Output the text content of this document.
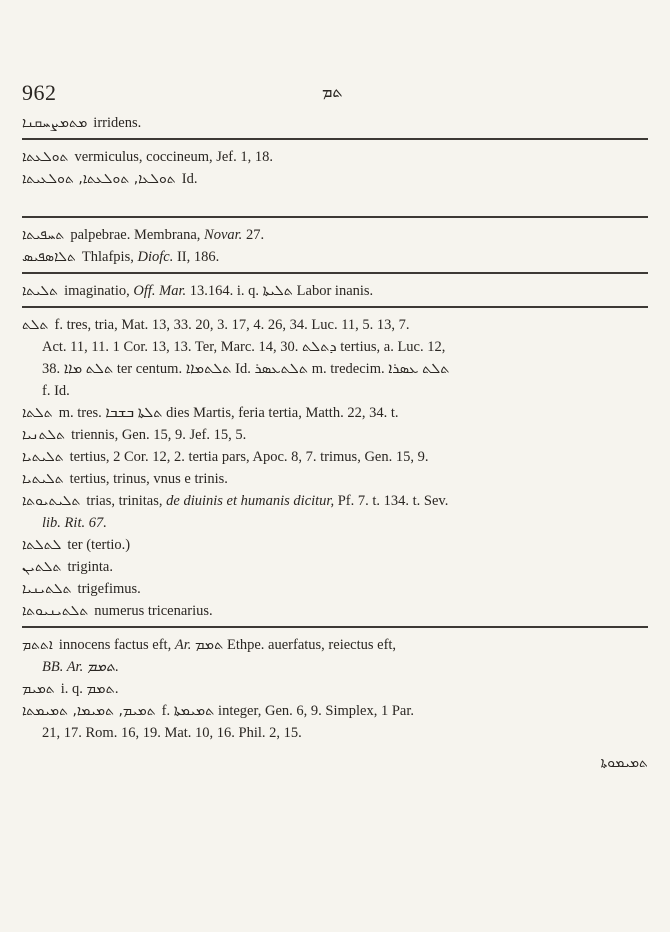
962	ܬܡ
ܡܬܡܨܚܩܢܐ irridens.
ܬܘܠܥܬܐ vermiculus, coccineum, Jef. 1, 18.
ܬܘܠܥܐ, ܬܘܠܥܬܐ, ܬܘܠܥܝܬܐ Id.
ܬܚܦܝܬܐ palpebrae. Membrana, Novar. 27.
ܬܠܐܣܦܝܣ Thlafpis, Diofc. II, 186.
ܬܠܝܬܐ imaginatio, Off. Mar. 13.164. i. q. ܬܠܝܬܐ Labor inanis.
ܬܠܬ f. tres, tria, Mat. 13, 33. 20, 3. 17, 4. 26, 34. Luc. 11, 5. 13, 7.
Act. 11, 11. 1 Cor. 13, 13. Ter, Marc. 14, 30. ܕܬܠܬ tertius, a. Luc. 12,
38. ܬܠܬ ܡܐܐ ter centum. ܬܠܬܡܐܐ Id. ܬܠܬܥܣܪ m. tredecim. ܬܠܬ ܥܣܪܐ
f. Id.
ܬܠܬܐ m. tres. ܬܠܬܐ ܒܫܒܐ dies Martis, feria tertia, Matth. 22, 34. t.
ܬܠܬܢܝܐ triennis, Gen. 15, 9. Jef. 15, 5.
ܬܠܝܬܝܐ tertius, 2 Cor. 12, 2. tertia pars, Apoc. 8, 7. trimus, Gen. 15, 9.
ܬܠܝܬܝܐ tertius, trinus, vnus e trinis.
ܬܠܝܬܝܘܬܐ trias, trinitas, de diuinis et humanis dicitur, Pf. 7. t. 134. t. Sev.
lib. Rit. 67.
ܠܬܠܬܐ ter (tertio.)
ܬܠܬܝܢ triginta.
ܬܠܬܝܢܝܐ trigefimus.
ܬܠܬܝܢܝܘܬܐ numerus tricenarius.
ܐܬܬܡ innocens factus eft, Ar. ܬܡܡ Ethpe. auerfatus, reiectus eft,
BB. Ar. ܬܡܡ.
ܬܡܝܡ i. q. ܬܡܡ.
ܬܡܝܡ, ܬܡܝܡܐ, ܬܡܝܡܬܐ f. ܬܡܝܡܬܐ integer, Gen. 6, 9. Simplex, 1 Par.
21, 17. Rom. 16, 19. Mat. 10, 16. Phil. 2, 15.
ܬܡܝܡܘܬܐ
